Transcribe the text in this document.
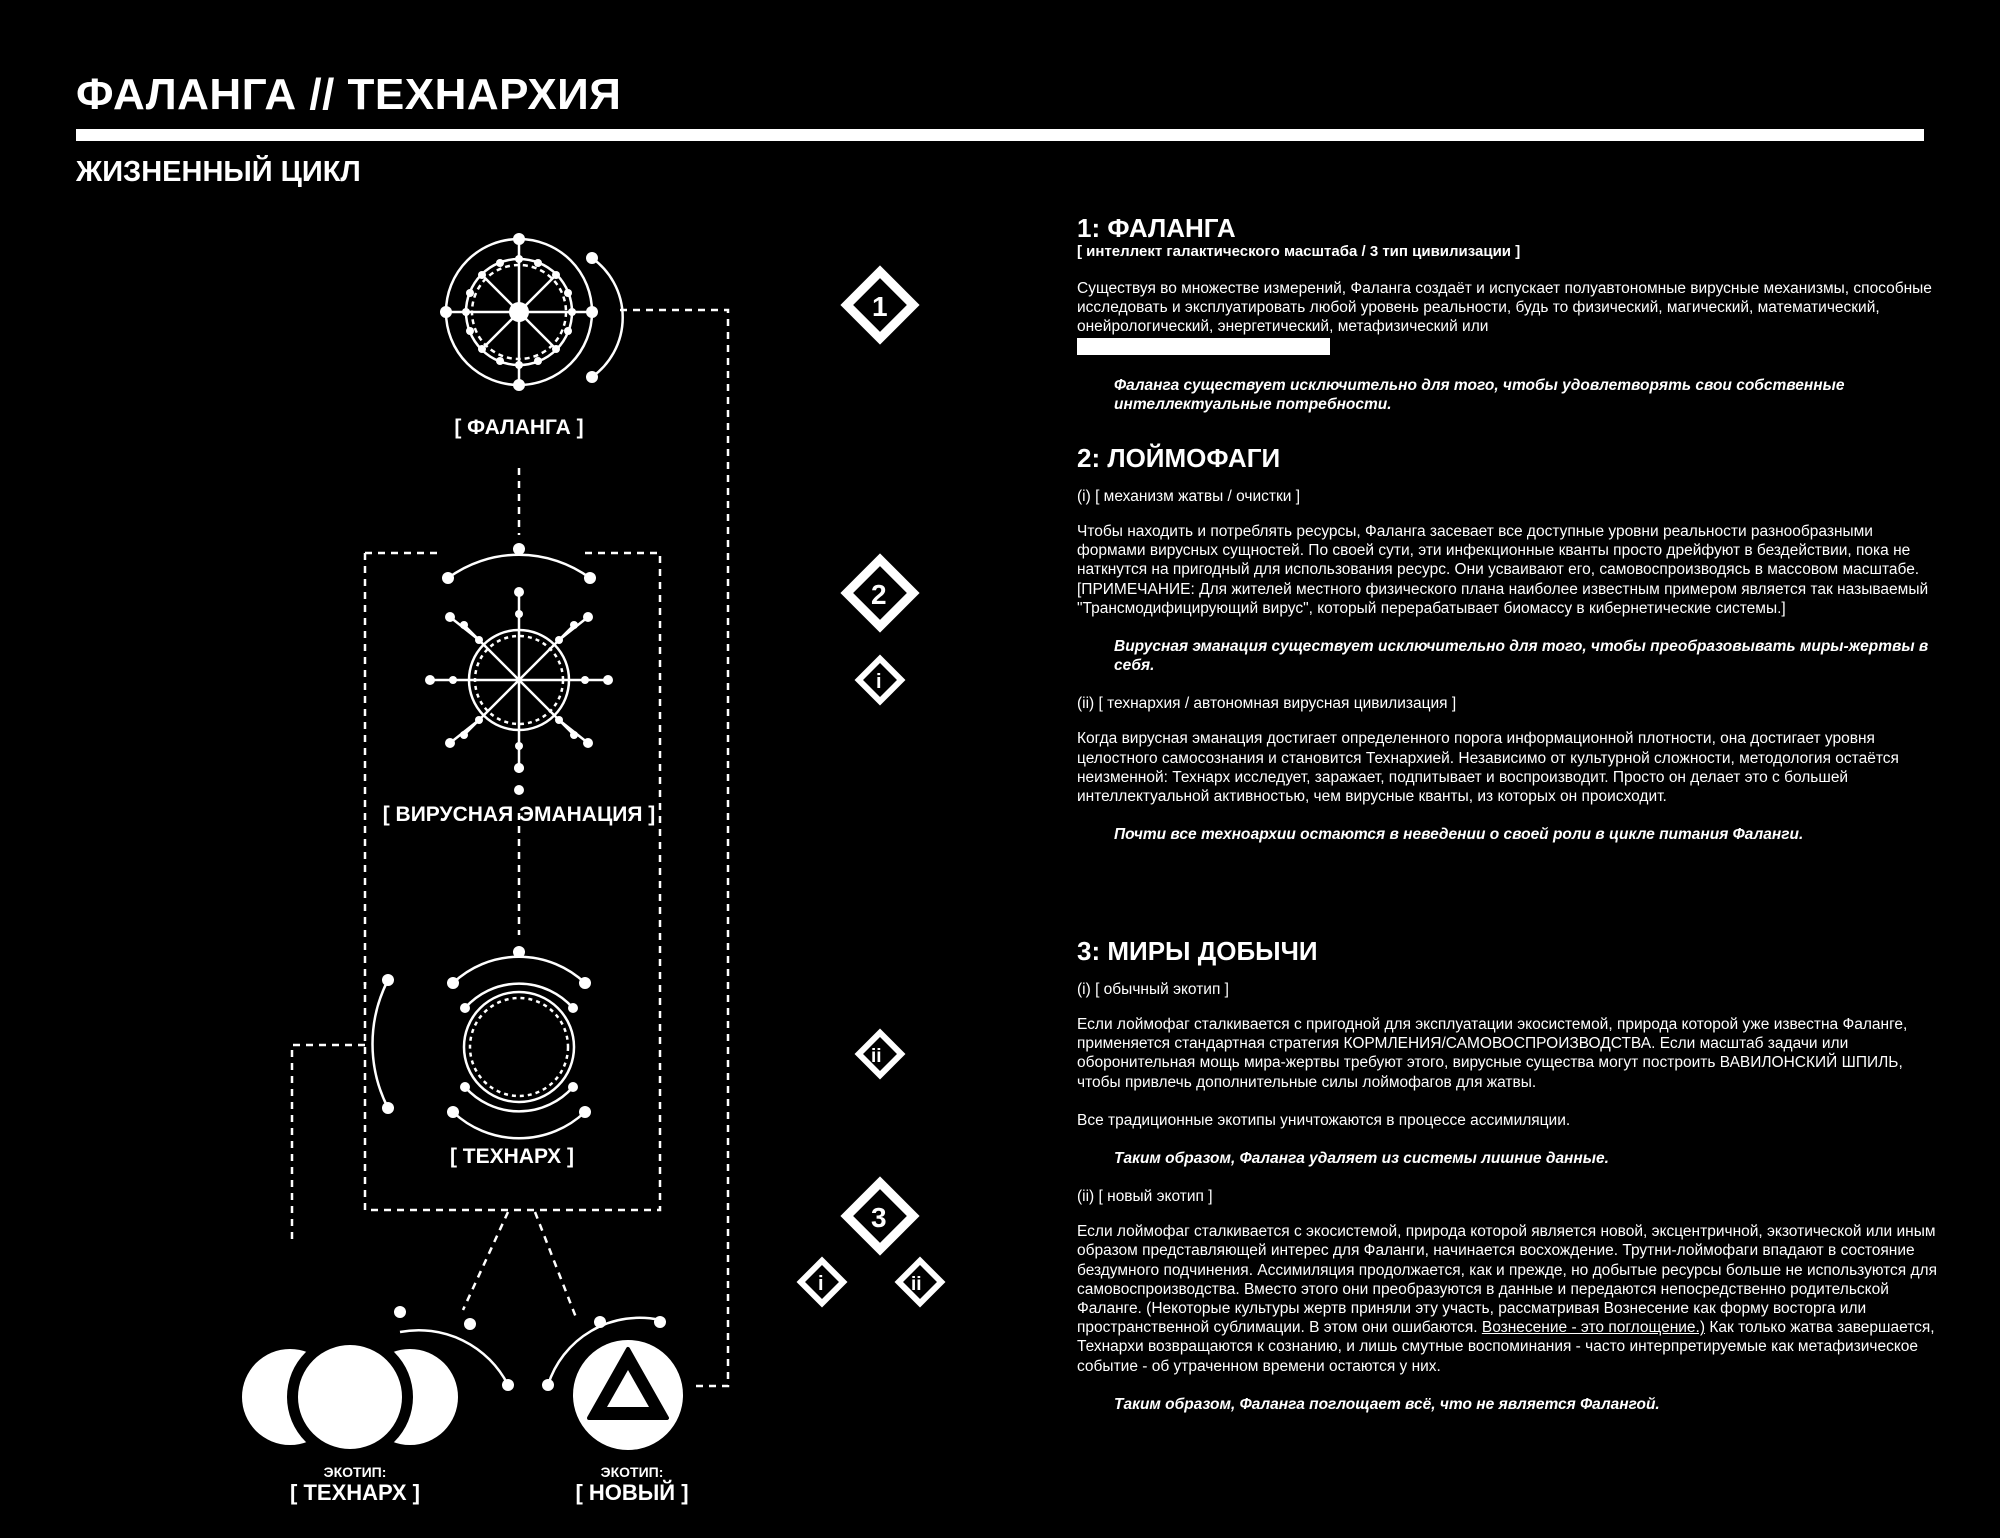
ФАЛАНГА // ТЕХНАРХИЯ
ЖИЗНЕННЫЙ ЦИКЛ
[ ФАЛАНГА ]
[ ВИРУСНАЯ ЭМАНАЦИЯ ]
[ ТЕХНАРХ ]
ЭКОТИП:
[ ТЕХНАРХ ]
ЭКОТИП:
[ НОВЫЙ ]
1
2
i
ii
3
i	ii
1: ФАЛАНГА
[ интеллект галактического масштаба / 3 тип цивилизации ]
Существуя во множестве измерений, Фаланга создаёт и испускает полуавтономные вирусные механизмы, способные исследовать и эксплуатировать любой уровень реальности, будь то физический, магический, математический, онейрологический, энергетический, метафизический или
Фаланга существует исключительно для того, чтобы удовлетворять свои собственные интеллектуальные потребности.
2: ЛОЙМОФАГИ
(i) [ механизм жатвы / очистки ]
Чтобы находить и потреблять ресурсы, Фаланга засевает все доступные уровни реальности разнообразными формами вирусных сущностей. По своей сути, эти инфекционные кванты просто дрейфуют в бездействии, пока не наткнутся на пригодный для использования ресурс. Они усваивают его, самовоспроизводясь в массовом масштабе. [ПРИМЕЧАНИЕ: Для жителей местного физического плана наиболее известным примером является так называемый "Трансмодифицирующий вирус", который перерабатывает биомассу в кибернетические системы.]
Вирусная эманация существует исключительно для того, чтобы преобразовывать миры-жертвы в себя.
(ii) [ технархия / автономная вирусная цивилизация ]
Когда вирусная эманация достигает определенного порога информационной плотности, она достигает уровня целостного самосознания и становится Технархией. Независимо от культурной сложности, методология остаётся неизменной: Технарх исследует, заражает, подпитывает и воспроизводит. Просто он делает это с большей интеллектуальной активностью, чем вирусные кванты, из которых он происходит.
Почти все техноархии остаются в неведении о своей роли в цикле питания Фаланги.
3: МИРЫ ДОБЫЧИ
(i) [ обычный экотип ]
Если лоймофаг сталкивается с пригодной для эксплуатации экосистемой, природа которой уже известна Фаланге, применяется стандартная стратегия КОРМЛЕНИЯ/САМОВОСПРОИЗВОДСТВА. Если масштаб задачи или оборонительная мощь мира-жертвы требуют этого, вирусные существа могут построить ВАВИЛОНСКИЙ ШПИЛЬ, чтобы привлечь дополнительные силы лоймофагов для жатвы.
Все традиционные экотипы уничтожаются в процессе ассимиляции.
Таким образом, Фаланга удаляет из системы лишние данные.
(ii) [ новый экотип ]
Если лоймофаг сталкивается с экосистемой, природа которой является новой, эксцентричной, экзотической или иным образом представляющей интерес для Фаланги, начинается восхождение. Трутни-лоймофаги впадают в состояние бездумного подчинения. Ассимиляция продолжается, как и прежде, но добытые ресурсы больше не используются для самовоспроизводства. Вместо этого они преобразуются в данные и передаются непосредственно родительской Фаланге. (Некоторые культуры жертв приняли эту участь, рассматривая Вознесение как форму восторга или пространственной сублимации. В этом они ошибаются. Вознесение - это поглощение.) Как только жатва завершается, Технархи возвращаются к сознанию, и лишь смутные воспоминания - часто интерпретируемые как метафизическое событие - об утраченном времени остаются у них.
Таким образом, Фаланга поглощает всё, что не является Фалангой.
